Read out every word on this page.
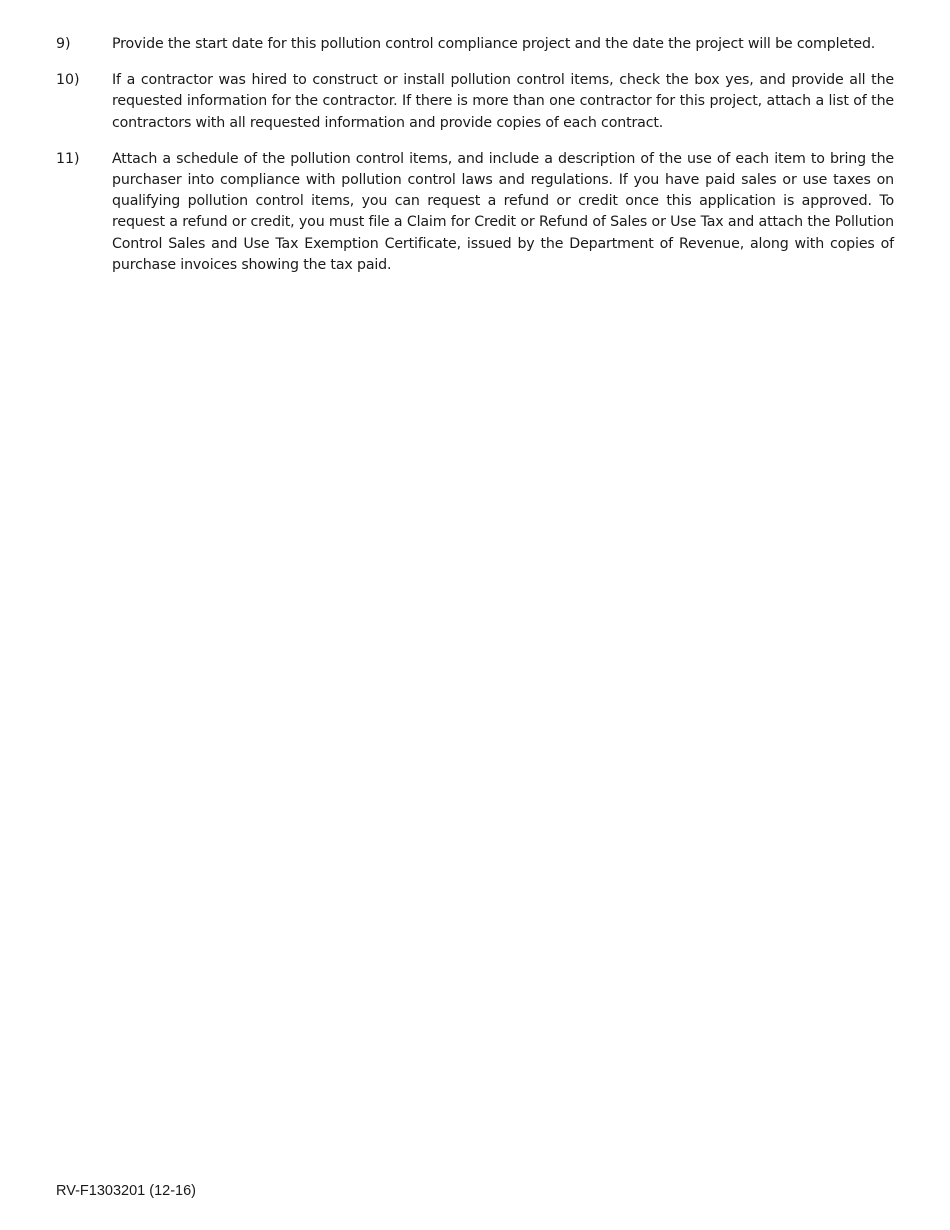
9)	Provide the start date for this pollution control compliance project and the date the project will be completed.
10)	If a contractor was hired to construct or install pollution control items, check the box yes, and provide all the requested information for the contractor. If there is more than one contractor for this project, attach a list of the contractors with all requested information and provide copies of each contract.
11)	Attach a schedule of the pollution control items, and include a description of the use of each item to bring the purchaser into compliance with pollution control laws and regulations. If you have paid sales or use taxes on qualifying pollution control items, you can request a refund or credit once this application is approved. To request a refund or credit, you must file a Claim for Credit or Refund of Sales or Use Tax and attach the Pollution Control Sales and Use Tax Exemption Certificate, issued by the Department of Revenue, along with copies of purchase invoices showing the tax paid.
RV-F1303201 (12-16)
